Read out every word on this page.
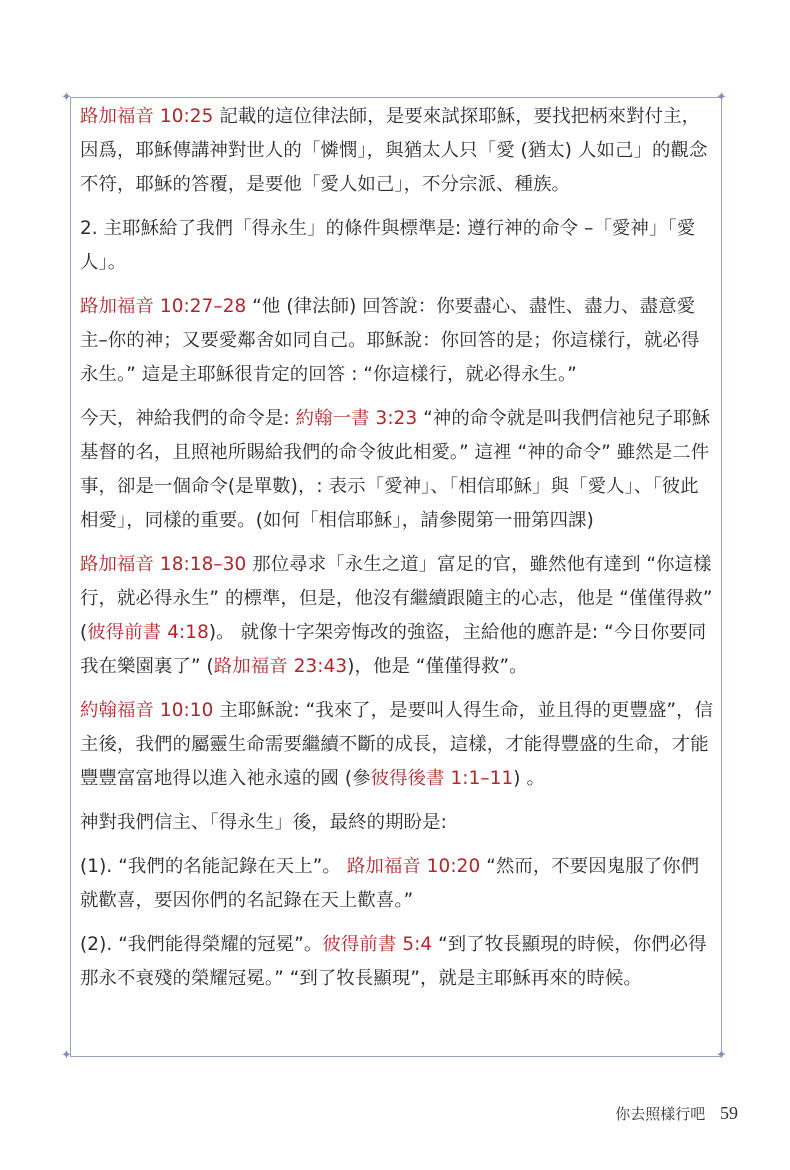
✦	✦
✦	✦

路加福音 10:25 記載的這位律法師，是要來試探耶穌，要找把柄來對付主，因爲，耶穌傳講神對世人的「憐憫」，與猶太人只「愛 (猶太) 人如己」的觀念不符，耶穌的答覆，是要他「愛人如己」，不分宗派、種族。

2. 主耶穌給了我們「得永生」的條件與標準是: 遵行神的命令 –「愛神」「愛人」。

路加福音 10:27–28 “他 (律法師) 回答說：你要盡心、盡性、盡力、盡意愛主–你的神；又要愛鄰舍如同自己。耶穌說：你回答的是；你這樣行，就必得永生。” 這是主耶穌很肯定的回答 : “你這樣行，就必得永生。”

今天，神給我們的命令是: 約翰一書 3:23 “神的命令就是叫我們信祂兒子耶穌基督的名，且照祂所賜給我們的命令彼此相愛。” 這裡 “神的命令” 雖然是二件事，卻是一個命令(是單數)，: 表示「愛神」、「相信耶穌」與「愛人」、「彼此相愛」，同樣的重要。(如何「相信耶穌」，請參閱第一冊第四課)

路加福音 18:18–30 那位尋求「永生之道」富足的官，雖然他有達到 “你這樣行，就必得永生” 的標準，但是，他沒有繼續跟隨主的心志，他是 “僅僅得救” (彼得前書 4:18)。 就像十字架旁悔改的強盜，主給他的應許是: “今日你要同我在樂園裏了” (路加福音 23:43)，他是 “僅僅得救”。

約翰福音 10:10 主耶穌說: “我來了，是要叫人得生命，並且得的更豐盛”，信主後，我們的屬靈生命需要繼續不斷的成長，這樣，才能得豐盛的生命，才能豐豐富富地得以進入祂永遠的國 (參彼得後書 1:1–11) 。

神對我們信主、「得永生」後，最終的期盼是:

(1). “我們的名能記錄在天上”。 路加福音 10:20 “然而，不要因鬼服了你們就歡喜，要因你們的名記錄在天上歡喜。”

(2). “我們能得榮耀的冠冕”。彼得前書 5:4 “到了牧長顯現的時候，你們必得那永不衰殘的榮耀冠冕。” “到了牧長顯現”，就是主耶穌再來的時候。

你去照樣行吧 59
